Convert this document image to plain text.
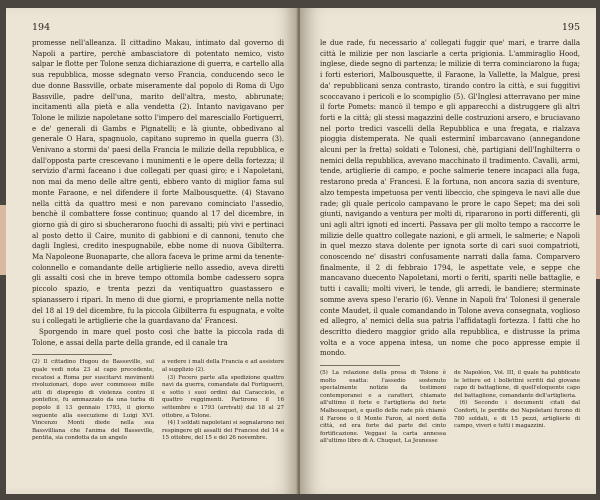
194

promesse nell'alleanza. Il cittadino Makau, intimato dal governo di Napoli a partire, perchè ambasciatore di potentato nemico, visto salpar le flotte per Tolone senza dichiarazione di guerra, e cartello alla sua repubblica, mosse sdegnato verso Francia, conducendo seco le due donne Bassville, orbate miseramente dal popolo di Roma di Ugo Bassville, padre dell'una, marito dell'altra, mesto, abbrunate; incitamenti alla pietà e alla vendetta (2). Intanto navigavano per Tolone le milizie napoletane sotto l'impero del maresciallo Fortiguerri, e de' generali di Gambs e Pignatelli; e là giunte, obbedivano al generale O Hara, spagnuolo, capitano supremo in quella guerra (3). Venivano a stormi da' paesi della Francia le milizie della repubblica, e dall'opposta parte crescevano i munimenti e le opere della fortezza; il servizio d'armi faceano i due collegati per quasi giro; e i Napoletani, non mai da meno delle altre genti, ebbero vanto di miglior fama sul monte Faraone, e nel difendere il forte Malbousquette. (4) Stavano nella città da quattro mesi e non parevano cominciato l'assedio, benchè il combattere fosse continuo; quando al 17 del dicembre, in giorno già di giro si sbucherarono fuochi di assalti; più vivi e pertinaci al posto detto il Caire, munito di gabbioni e di cannoni, tenuto che dagli Inglesi, credito inespugnabile, ebbe nome di nuova Gibilterra. Ma Napoleone Buonaparte, che allora faceva le prime armi da tenente-colonnello e comandante delle artiglierie nello assedio, aveva diretti gli assalti così che in breve tempo ottomila bombe cadessero sopra piccolo spazio, e trenta pezzi da ventiquattro guastassero e spianassero i ripari. In meno di due giorni, e propriamente nella notte del 18 al 19 del dicembre, fu la piccola Gibilterra fu espugnata, e volte su i collegati le artiglierie che la guardavano da' Francesi.
 Sporgendo in mare quel posto così che batte la piccola rada di Tolone, e assai della parte della grande, ed il canale tra

(2) Il cittadino Hugou de Basseville, sul quale vedi nota 23 al capo precedente, recatosi a Roma per suscitarvi movimenti rivoluzionari, dopo aver commosso mille atti di dispregio di violenza contro il pontefice, fu ammazzato da una turba di popolo il 13 gennaio 1793, il giorno seguente alla esecuzione di Luigi XVI. Vincenzo Monti diede nella sua Bassvilliana che l'anima del Basseville, pentita, sia condotta da un angelo

a vedere i mali della Francia e ad assistere al supplizio (2).
 (3) Fecero parte alla spedizione quattro navi da guerra, comandate dal Fortiguerri, e sotto i suoi ordini dal Caracciolo, e quattro reggimenti. Partirono il 16 settembre e 1793 (arrivati) dal 18 al 27 ottobre, a Tolone.
 (4) I soldati napoletani si segnalarono nei respingere gli assalti dei Francesi del 14 e 15 ottobre, del 15 e del 26 novembre.

195

le due rade, fu necessario a' collegati fuggir que' mari, e trarre dalla città le milizie per non lasciarle a certa prigionia. L'ammiraglio Hood, inglese, diede segno di partenza; le milizie di terra cominciarono la fuga; i forti esteriori, Malbousquette, il Faraone, la Vallette, la Malgue, presi da' repubblicani senza contrasto, tirando contro la città, e sui fuggitivi scoccavano i pericoli e lo scompiglio (5). Gl'Inglesi atterravano per mine il forte Pomets: mancò il tempo e gli apparecchi a distruggere gli altri forti e la città; gli stessi magazzini delle costruzioni arsero, e bruciavano nel porto tredici vascelli della Repubblica e una fregata, e rialzava pioggia distemperata. Ne quali esterminî imbarcavano (annegandone alcuni per la fretta) soldati e Tolonesi, chè, partigiani dell'Inghilterra o nemici della repubblica, avevano macchinato il tradimento. Cavalli, armi, tende, artiglierie di campo, e poche salmerie tenere incapaci alla fuga, restarono preda a' Francesi. E la fortuna, non ancora sazia di sventure, alzo tempesta impetuosa per venti libeccio, che spingeva le navi alle due rade; gli quale pericolo campavano le prore le capo Sepet; ma dei soli giunti, navigando a ventura per molti di, ripararono in porti differenti, gli uni agli altri ignoti ed incerti. Passava per gli molto tempo a raccorre le milizie delle quattro collegate nazioni, e gli armeli, le salmerie; e Napoli in quel mezzo stava dolente per ignota sorte di cari suoi compatrioti, conoscendo ne' disastri confusamente narrati dalla fama. Comparvero finalmente, il 2 di febbraio 1794, le aspettate vele, e seppe che mancavano duecento Napoletani, morti o feriti, spariti nelle battaglie, e tutti i cavalli; molti viveri, le tende, gli arredi, le bandiere; sterminate somme aveva speso l'erario (6). Venne in Napoli fra' Tolonesi il generale conte Maudet, il quale comandando in Tolone aveva consegnata, voglioso ed allegro, a' nemici della sua patria l'affidatagli fortezza. I fatti che ho descritto diedero maggior grido alla repubblica, e distrusse la prima volta e a voce appena intesa, un nome che poco appresse empie il mondo.

(5) La relazione della presa di Tolone è molto esatta: l'assedio sostenuto specialmente notizie da testimoni contemporanei e a caratteri, chiamato all'ultimo il forte e l'artiglieria del forte Malbousquet, e quello delle rade più chiamò il Farone o il Monte Faron, al nord della città, ed era forte dal parte del cinto fortificazione. Veggasi la carta annessa all'ultimo libro di A. Chuquet, La Jeunesse

de Napoléon, Vol. III, il quale ha pubblicato le lettere ed i bollettini scritti dal giovane capo di battaglione, di quell'eloquente capo del battaglione, comandante dell'artiglieria.
 (6) Secondo i documenti citati dal Conforti, le perdite dei Napoletani furono di 780 soldati, e di 15 pezzi, artiglierie di campo, viveri e tutti i magazzini.
